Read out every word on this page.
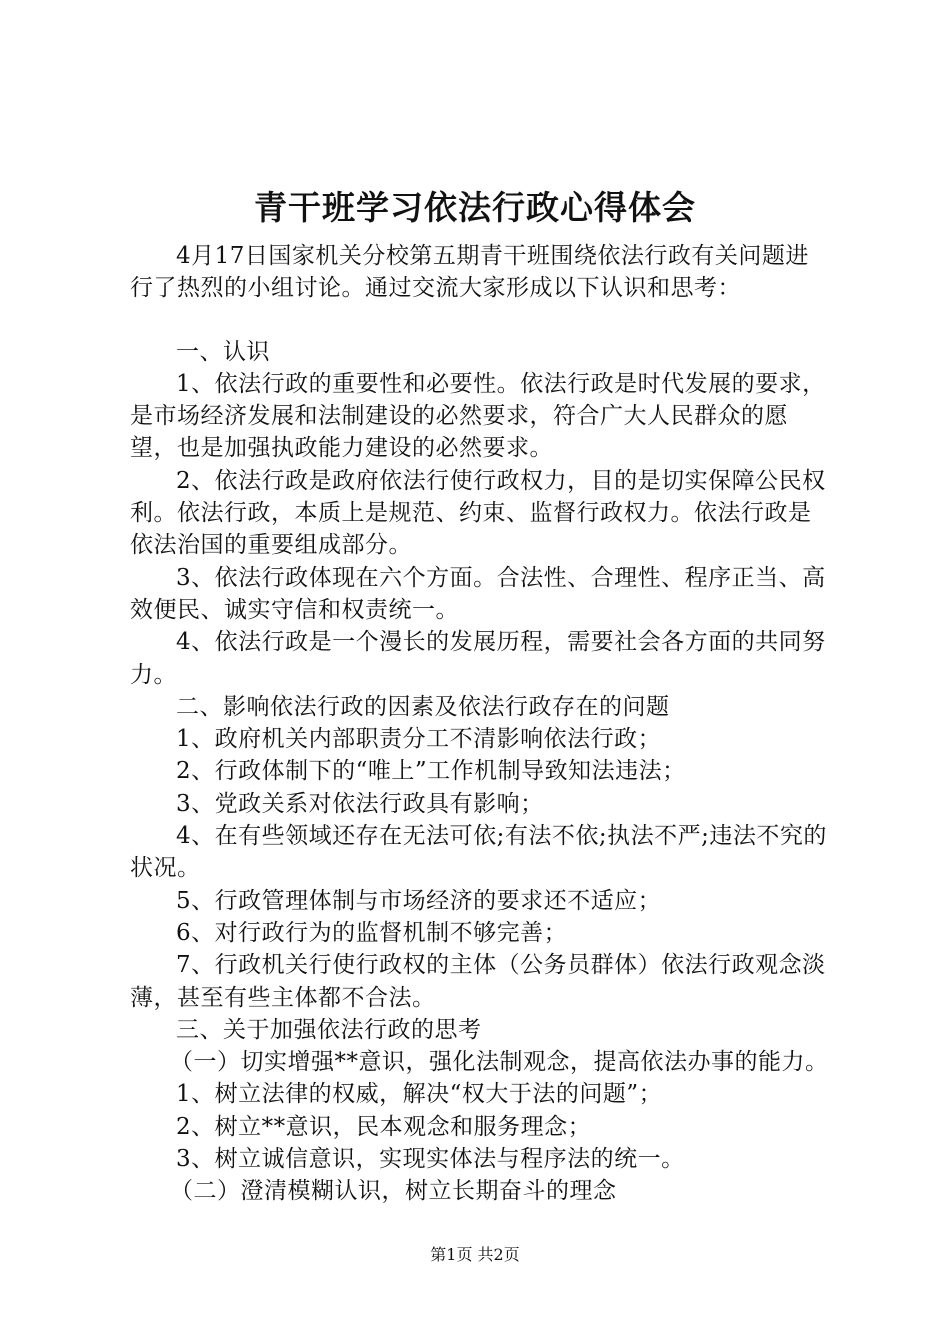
青干班学习依法行政心得体会

4月17日国家机关分校第五期青干班围绕依法行政有关问题进行了热烈的小组讨论。通过交流大家形成以下认识和思考：

一、认识

1、依法行政的重要性和必要性。依法行政是时代发展的要求，是市场经济发展和法制建设的必然要求，符合广大人民群众的愿望，也是加强执政能力建设的必然要求。

2、依法行政是政府依法行使行政权力，目的是切实保障公民权利。依法行政，本质上是规范、约束、监督行政权力。依法行政是依法治国的重要组成部分。

3、依法行政体现在六个方面。合法性、合理性、程序正当、高效便民、诚实守信和权责统一。

4、依法行政是一个漫长的发展历程，需要社会各方面的共同努力。

二、影响依法行政的因素及依法行政存在的问题

1、政府机关内部职责分工不清影响依法行政；

2、行政体制下的“唯上”工作机制导致知法违法；

3、党政关系对依法行政具有影响；

4、在有些领域还存在无法可依;有法不依;执法不严;违法不究的状况。

5、行政管理体制与市场经济的要求还不适应；

6、对行政行为的监督机制不够完善；

7、行政机关行使行政权的主体（公务员群体）依法行政观念淡薄，甚至有些主体都不合法。

三、关于加强依法行政的思考

（一）切实增强**意识，强化法制观念，提高依法办事的能力。

1、树立法律的权威，解决“权大于法的问题”；

2、树立**意识，民本观念和服务理念；

3、树立诚信意识，实现实体法与程序法的统一。

（二）澄清模糊认识，树立长期奋斗的理念

第1页 共2页
